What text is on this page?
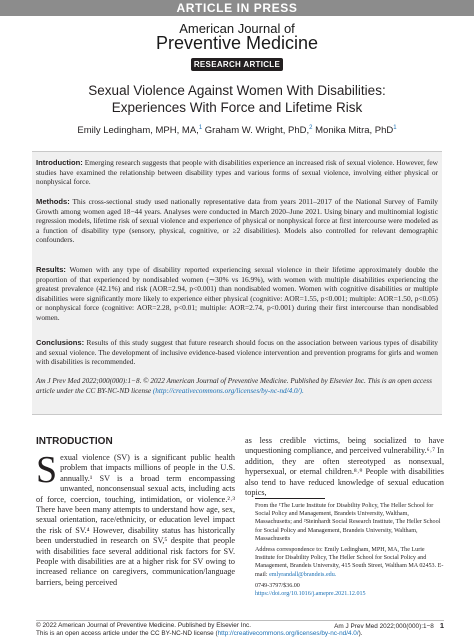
ARTICLE IN PRESS
American Journal of
Preventive Medicine
RESEARCH ARTICLE
Sexual Violence Against Women With Disabilities:
Experiences With Force and Lifetime Risk
Emily Ledingham, MPH, MA,$^1$ Graham W. Wright, PhD,$^2$ Monika Mitra, PhD$^1$

Introduction: Emerging research suggests that people with disabilities experience an increased risk of sexual violence. However, few studies have examined the relationship between disability types and various forms of sexual violence, involving either physical or nonphysical force.

Methods: This cross-sectional study used nationally representative data from years 2011–2017 of the National Survey of Family Growth among women aged 18−44 years. Analyses were conducted in March 2020–June 2021. Using binary and multinomial logistic regression models, lifetime risk of sexual violence and experience of physical or nonphysical force at first intercourse were modeled as a function of disability type (sensory, physical, cognitive, or ≥2 disabilities). Models also controlled for relevant demographic confounders.

Results: Women with any type of disability reported experiencing sexual violence in their lifetime approximately double the proportion of that experienced by nondisabled women (∼30% vs 16.9%), with women with multiple disabilities experiencing the greatest prevalence (42.1%) and risk (AOR=2.94, p<0.001) than nondisabled women. Women with cognitive disabilities or multiple disabilities were significantly more likely to experience either physical (cognitive: AOR=1.55, p<0.001; multiple: AOR=1.50, p<0.05) or nonphysical force (cognitive: AOR=2.28, p<0.01; multiple: AOR=2.74, p<0.001) during their first intercourse than nondisabled women.

Conclusions: Results of this study suggest that future research should focus on the association between various types of disability and sexual violence. The development of inclusive evidence-based violence intervention and prevention programs for girls and women with disabilities is recommended.

Am J Prev Med 2022;000(000):1−8. © 2022 American Journal of Preventive Medicine. Published by Elsevier Inc. This is an open access article under the CC BY-NC-ND license (http://creativecommons.org/licenses/by-nc-nd/4.0/).

INTRODUCTION

S exual violence (SV) is a significant public health problem that impacts millions of people in the U.S. annually.¹ SV is a broad term encompassing unwanted, nonconsensual sexual acts, including acts of force, coercion, touching, intimidation, or violence.²˒³ There have been many attempts to understand how age, sex, sexual orientation, race/ethnicity, or education level impact the risk of SV.⁴ However, disability status has historically been understudied in research on SV,⁵ despite that people with disabilities face several additional risk factors for SV. People with disabilities are at a higher risk for SV owing to increased reliance on caregivers, communication/language barriers, being perceived

as less credible victims, being socialized to have unquestioning compliance, and perceived vulnerability.⁶˒⁷ In addition, they are often stereotyped as nonsexual, hypersexual, or eternal children.⁸˒⁹ People with disabilities also tend to have reduced knowledge of sexual education topics,

From the ¹The Lurie Institute for Disability Policy, The Heller School for Social Policy and Management, Brandeis University, Waltham, Massachusetts; and ²Steinhardt Social Research Institute, The Heller School for Social Policy and Management, Brandeis University, Waltham, Massachusetts

Address correspondence to: Emily Ledingham, MPH, MA, The Lurie Institute for Disability Policy, The Heller School for Social Policy and Management, Brandeis University, 415 South Street, Waltham MA 02453. E-mail: emlyrandall@brandeis.edu.

0749-3797/$36.00

https://doi.org/10.1016/j.amepre.2021.12.015

© 2022 American Journal of Preventive Medicine. Published by Elsevier Inc.
This is an open access article under the CC BY-NC-ND license (http://creativecommons.org/licenses/by-nc-nd/4.0/).
Am J Prev Med 2022;000(000):1−8 1
